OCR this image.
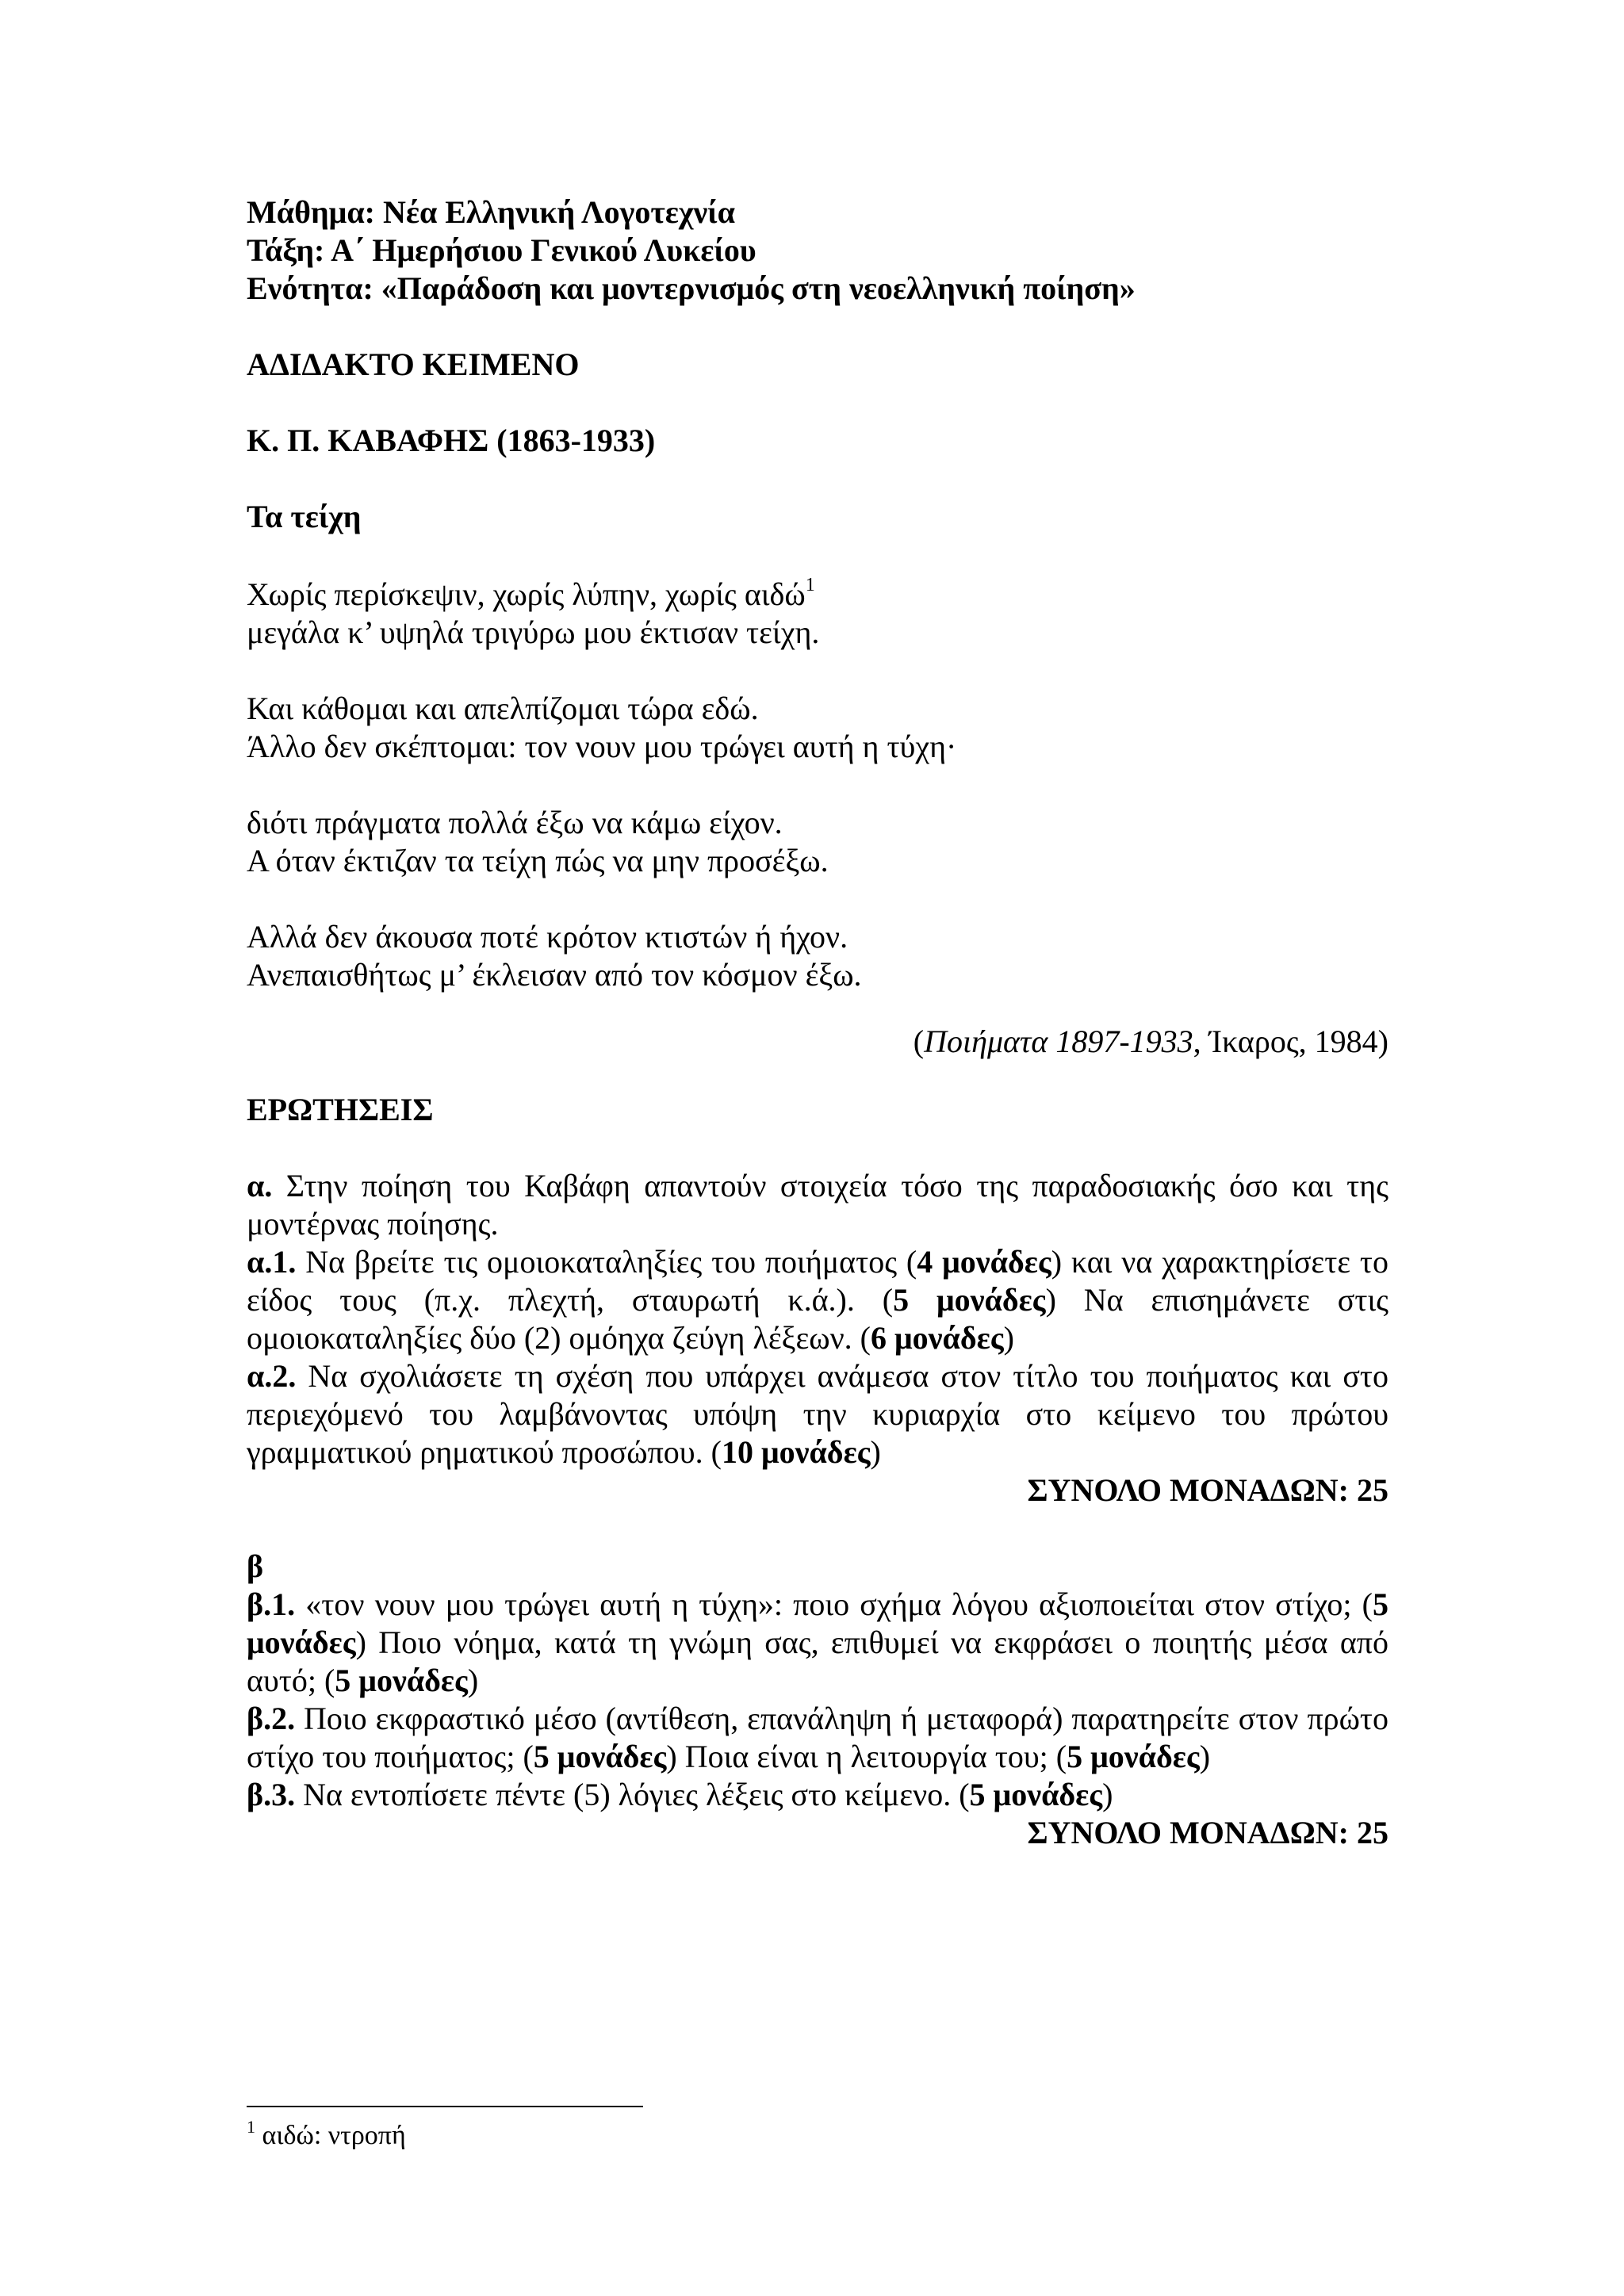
Μάθημα: Νέα Ελληνική Λογοτεχνία
Τάξη: Α΄ Ημερήσιου Γενικού Λυκείου
Ενότητα: «Παράδοση και μοντερνισμός στη νεοελληνική ποίηση»
ΑΔΙΔΑΚΤΟ ΚΕΙΜΕΝΟ
Κ. Π. ΚΑΒΑΦΗΣ (1863-1933)
Τα τείχη
Χωρίς περίσκεψιν, χωρίς λύπην, χωρίς αιδώ$^1$
μεγάλα κ’ υψηλά τριγύρω μου έκτισαν τείχη.
Και κάθομαι και απελπίζομαι τώρα εδώ.
Άλλο δεν σκέπτομαι: τον νουν μου τρώγει αυτή η τύχη·
διότι πράγματα πολλά έξω να κάμω είχον.
Α όταν έκτιζαν τα τείχη πώς να μην προσέξω.
Αλλά δεν άκουσα ποτέ κρότον κτιστών ή ήχον.
Ανεπαισθήτως μ’ έκλεισαν από τον κόσμον έξω.
(Ποιήματα 1897-1933, Ίκαρος, 1984)
ΕΡΩΤΗΣΕΙΣ
α. Στην ποίηση του Καβάφη απαντούν στοιχεία τόσο της παραδοσιακής όσο και της μοντέρνας ποίησης.
α.1. Να βρείτε τις ομοιοκαταληξίες του ποιήματος (4 μονάδες) και να χαρακτηρίσετε το είδος τους (π.χ. πλεχτή, σταυρωτή κ.ά.). (5 μονάδες) Να επισημάνετε στις ομοιοκαταληξίες δύο (2) ομόηχα ζεύγη λέξεων. (6 μονάδες)
α.2. Να σχολιάσετε τη σχέση που υπάρχει ανάμεσα στον τίτλο του ποιήματος και στο περιεχόμενό του λαμβάνοντας υπόψη την κυριαρχία στο κείμενο του πρώτου γραμματικού ρηματικού προσώπου. (10 μονάδες)
ΣΥΝΟΛΟ ΜΟΝΑΔΩΝ: 25
β
β.1. «τον νουν μου τρώγει αυτή η τύχη»: ποιο σχήμα λόγου αξιοποιείται στον στίχο; (5 μονάδες) Ποιο νόημα, κατά τη γνώμη σας, επιθυμεί να εκφράσει ο ποιητής μέσα από αυτό; (5 μονάδες)
β.2. Ποιο εκφραστικό μέσο (αντίθεση, επανάληψη ή μεταφορά) παρατηρείτε στον πρώτο στίχο του ποιήματος; (5 μονάδες) Ποια είναι η λειτουργία του; (5 μονάδες)
β.3. Να εντοπίσετε πέντε (5) λόγιες λέξεις στο κείμενο. (5 μονάδες)
ΣΥΝΟΛΟ ΜΟΝΑΔΩΝ: 25
$^1$ αιδώ: ντροπή
